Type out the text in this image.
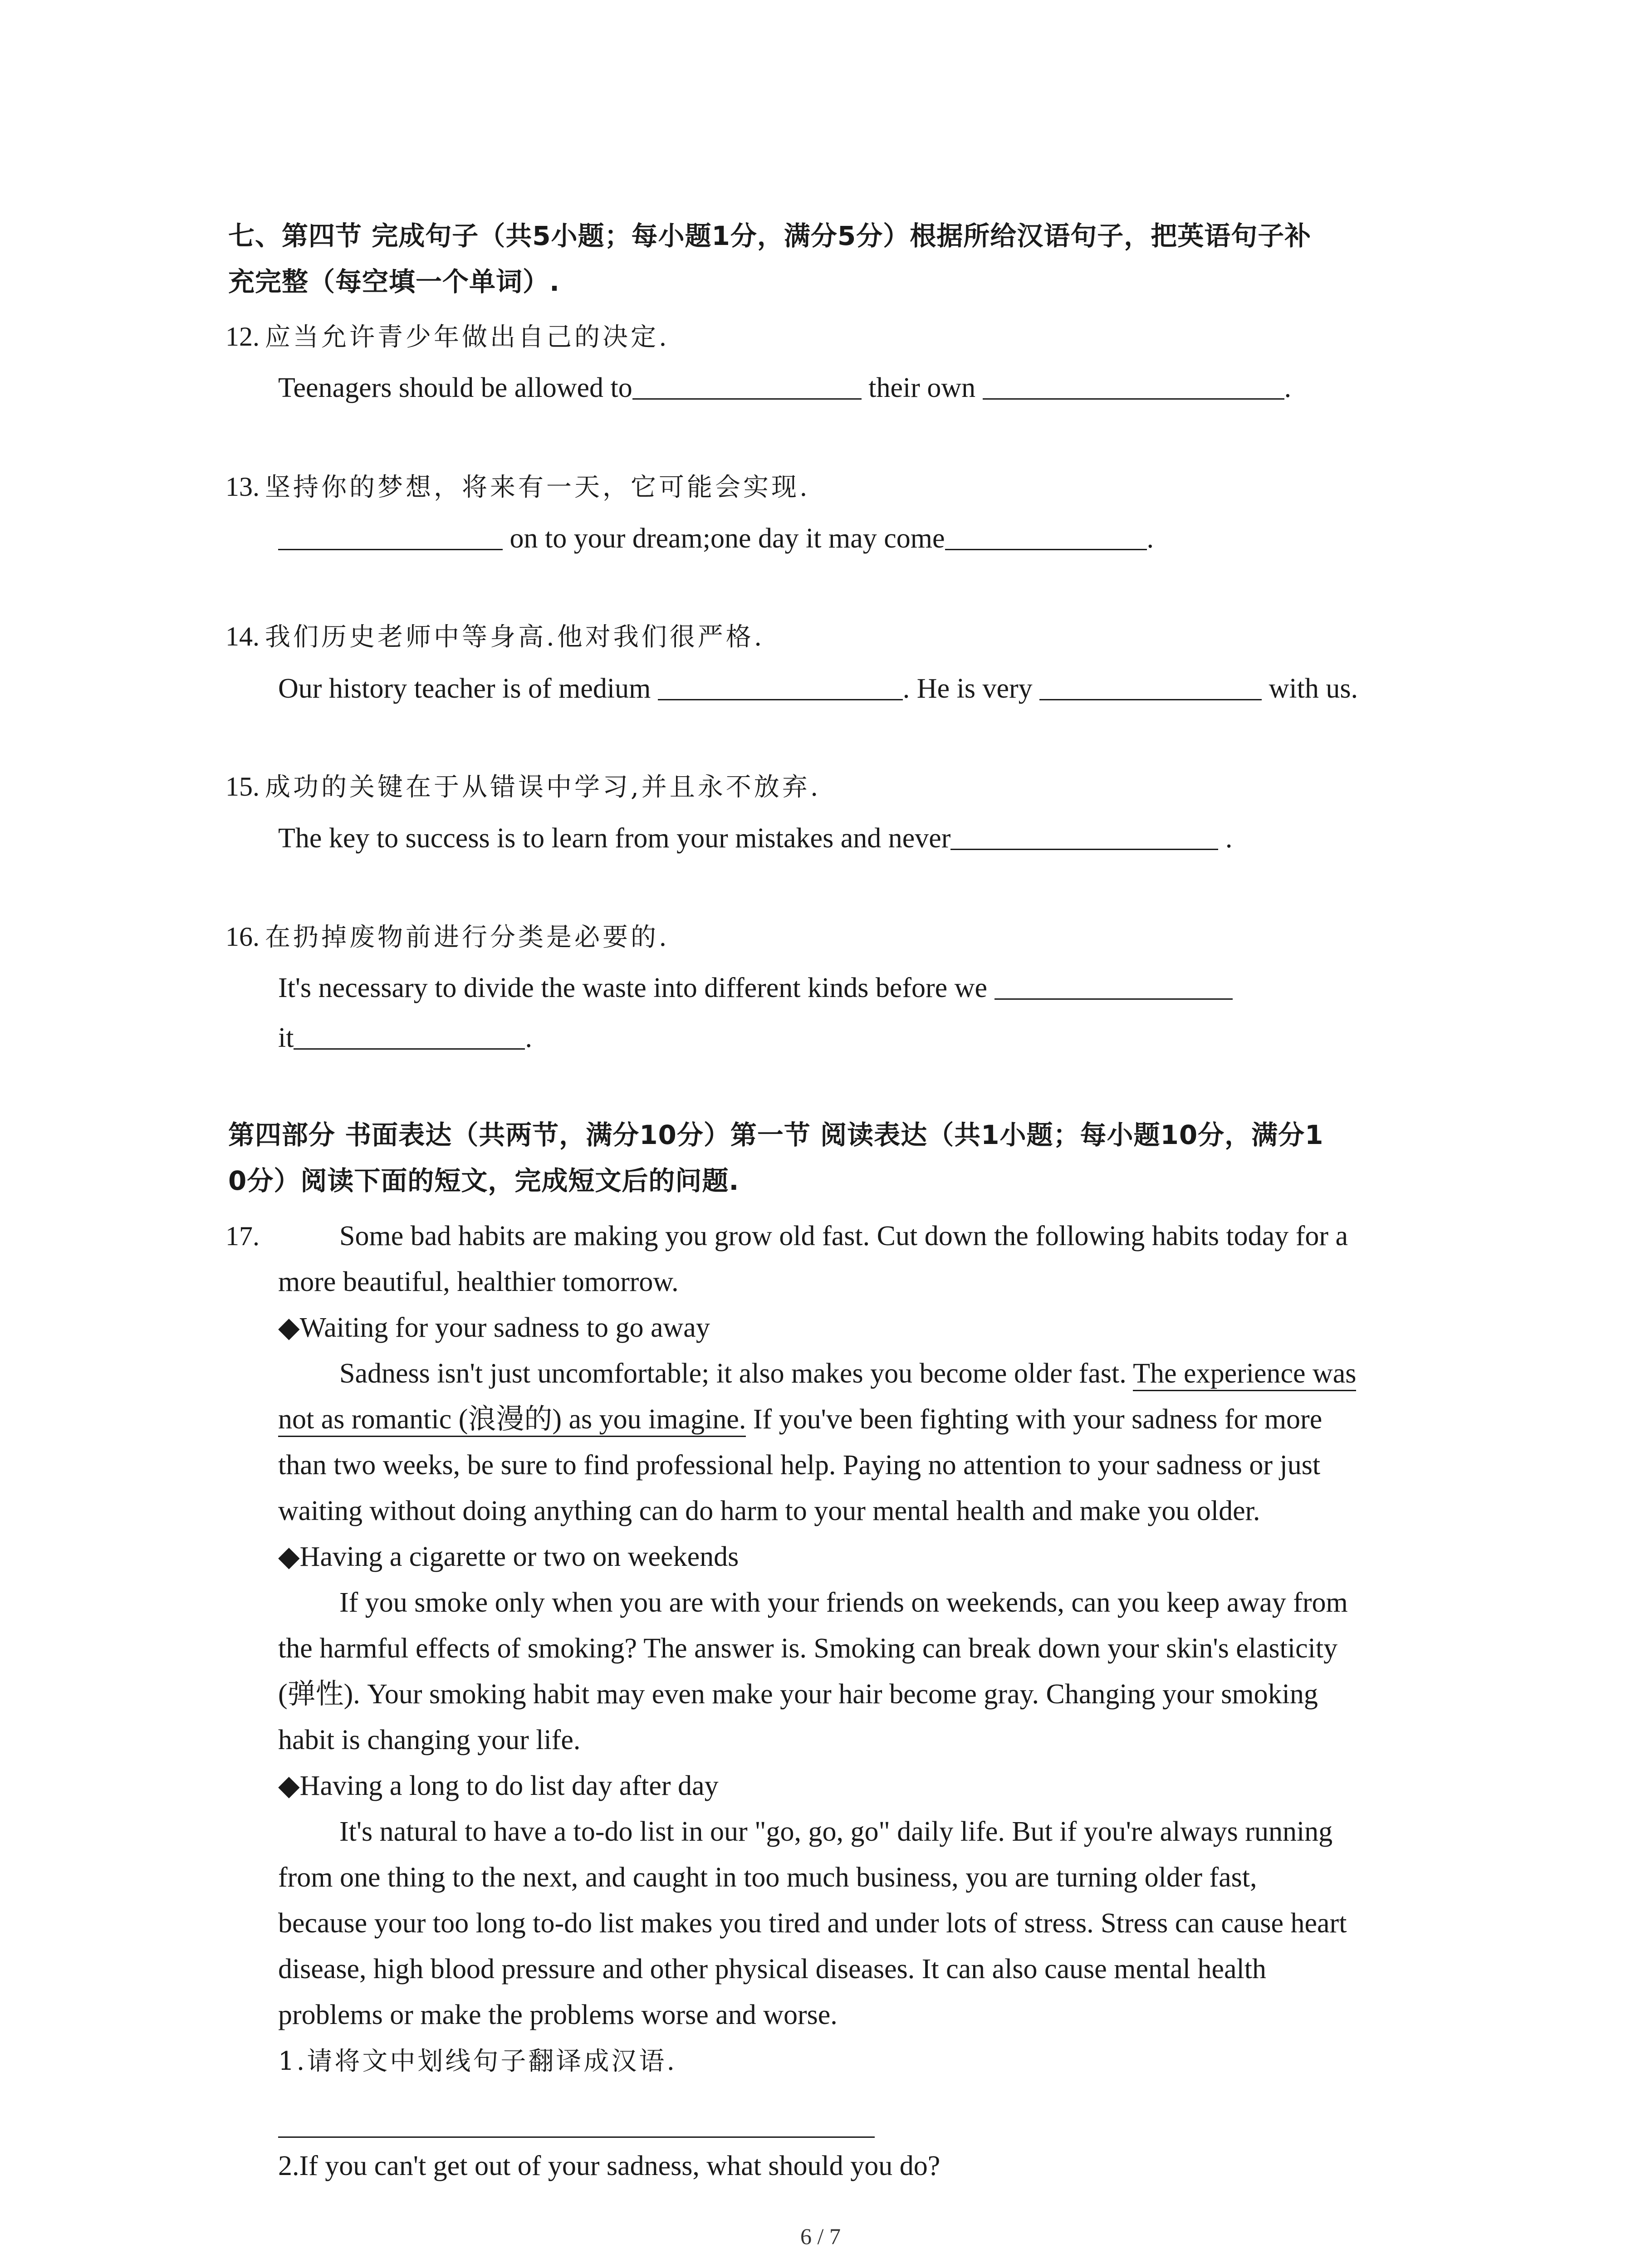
七、第四节 完成句子（共5小题；每小题1分，满分5分）根据所给汉语句子，把英语句子补
充完整（每空填一个单词）.
12. 应当允许青少年做出自己的决定.
Teenagers should be allowed to	their own	.
13. 坚持你的梦想，将来有一天，它可能会实现.
on to your dream;one day it may come	.
14. 我们历史老师中等身高.他对我们很严格.
Our history teacher is of medium	. He is very	with us.
15. 成功的关键在于从错误中学习,并且永不放弃.
The key to success is to learn from your mistakes and never	.
16. 在扔掉废物前进行分类是必要的.
It's necessary to divide the waste into different kinds before we
it	.
第四部分 书面表达（共两节，满分10分）第一节 阅读表达（共1小题；每小题10分，满分1
0分）阅读下面的短文，完成短文后的问题.
17.	Some bad habits are making you grow old fast. Cut down the following habits today for a
more beautiful, healthier tomorrow.
◆Waiting for your sadness to go away
Sadness isn't just uncomfortable; it also makes you become older fast. The experience was
not as romantic (浪漫的) as you imagine. If you've been fighting with your sadness for more
than two weeks, be sure to find professional help. Paying no attention to your sadness or just
waiting without doing anything can do harm to your mental health and make you older.
◆Having a cigarette or two on weekends
If you smoke only when you are with your friends on weekends, can you keep away from
the harmful effects of smoking? The answer is. Smoking can break down your skin's elasticity
(弹性). Your smoking habit may even make your hair become gray. Changing your smoking
habit is changing your life.
◆Having a long to do list day after day
It's natural to have a to-do list in our "go, go, go" daily life. But if you're always running
from one thing to the next, and caught in too much business, you are turning older fast,
because your too long to-do list makes you tired and under lots of stress. Stress can cause heart
disease, high blood pressure and other physical diseases. It can also cause mental health
problems or make the problems worse and worse.
1.请将文中划线句子翻译成汉语.
2.If you can't get out of your sadness, what should you do?
6 / 7
